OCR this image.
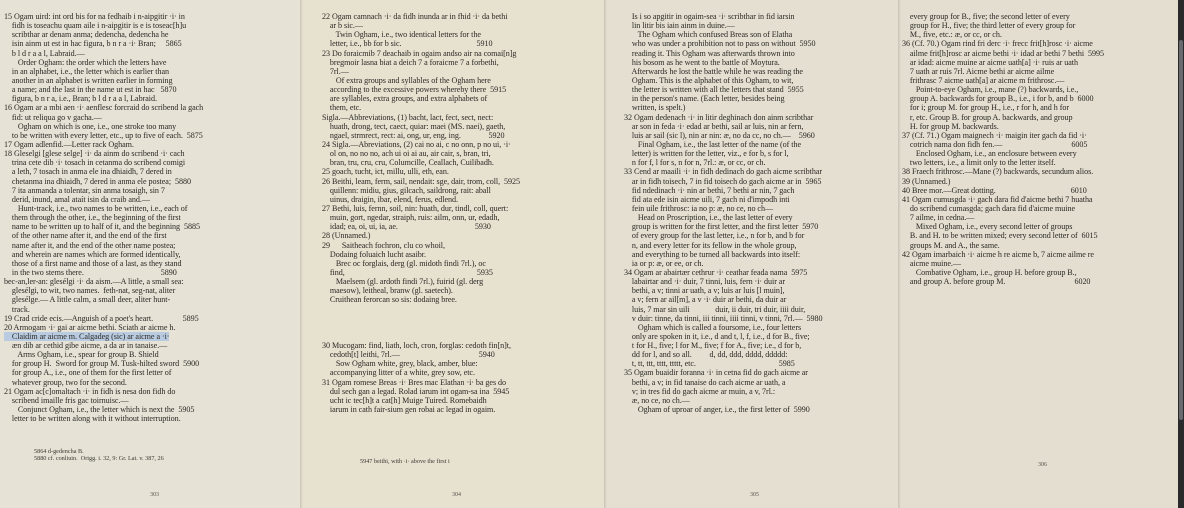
15 Ogam uird: int ord bis for na fedhaib i n-aipgitir ·i· in
fidh is toseachu quam aile i n-aipgitir is e is toseac[h]u
scribthar ar denam anma; dedencha, dedencha he
isin ainm ut est in hac figura, b n r a ·i· Bran;     5865
b l d r a a l, Labraid.—
Order Ogham: the order which the letters have
in an alphabet, i.e., the letter which is earlier than
another in an alphabet is written earlier in forming
a name; and the last in the name ut est in hac   5870
figura, b n r a, i.e., Bran; b l d r a a l, Labraid.
16 Ogam ar a mbi aen ·i· aenflesc forcraid do scribend la gach
fid: ut reliqua go v gacha.—
Ogham on which is one, i.e., one stroke too many
to be written with every letter, etc., up to five of each.  5875
17 Ogam adlenfid.—Letter rack Ogham.
18 Gleselgi [glese selge] ·i· da ainm do scribend ·i· cach
trina cete dib ·i· tosach in cetanma do scribend comigi
a leth, 7 tosach in anma ele ina dhiaidh, 7 dered in
chetanma ina dhiaidh, 7 dered in anma ele postea;  5880
7 ita anmanda a tolentar, sin anma tosaigh, sin 7
derid, inund, amal ataít isin da craib and.—
Hunt-track, i.e., two names to be written, i.e., each of
them through the other, i.e., the beginning of the first
name to be written up to half of it, and the beginning  5885
of the other name after it, and the end of the first
name after it, and the end of the other name postea;
and wherein are names which are formed identically,
those of a first name and those of a last, as they stand
in the two stems there.                                       5890
bec-an,ler-an: glesélgi ·i· da aism.—A little, a small sea:
glesélgi, to wit, two names.  feth-nat, seg-nat, aliter
glesélge.— A little calm, a small deer, aliter hunt-
track.
19 Crad cride ecis.—Anguish of a poet's heart.               5895
20 Armogam ·i· gai ar aicme bethi. Sciath ar aicme h.
Claidim ar aicme m. Calgadeg (sic) ar aicme a ·i·
æn dib ar cethid gibe aicme, a da ar in tanaise.—
Arms Ogham, i.e., spear for group B. Shield
for group H.  Sword for group M. Tusk-hilted sword  5900
for group A., i.e., one of them for the first letter of
whatever group, two for the second.
21 Ogam ac[c]omaltach ·i· in fidh is nesa don fidh do
scribend imaille fris gac toirnuisc.—
Conjunct Ogham, i.e., the letter which is next the  5905
letter to be written along with it without interruption.
5864 d-gedencha B.
5880 cf. conliuin.  Origg. i. 32, 9: Gr. Lat. v. 387, 26
303
22 Ogam camnach ·i· da fidh inunda ar in fhid ·i· da bethi
ar b sic.—
Twin Ogham, i.e., two identical letters for the
letter, i.e., bb for b sic.                                      5910
23 Do foraicmib 7 deachaib in ogaim andso air na comai[n]g
bregmoir lasna biat a deich 7 a foraicme 7 a forbethi,
7rl.—
Of extra groups and syllables of the Ogham here
according to the excessive powers whereby there  5915
are syllables, extra groups, and extra alphabets of
them, etc.
Sigla.—Abbreviations, (1) bacht, lact, fect, sect, nect:
huath, drong, tect, caect, quiar: maei (MS. naei), gaeth,
ngael, strmrect, rect: ai, ong, ur, eng, ing.              5920
24 Sigla.—Abreviations, (2) cai no ai, c no onn, p no ui, ·i·
ol on, no no no, ach ui oi ai au, air cair, s, bran, tri,
bran, tru, cru, cru, Columcille, Ceallach, Cuilibadh.
25 goach, tucht, ict, millu, ulli, eth, ean.
26 Beithi, leam, ferm, sail, nendait: sge, dair, trom, coll,  5925
quillenn: midiu, gius, gilcach, saildrong, rait: aball
uinus, draigin, ibar, elend, ferus, edlend.
27 Bethi, luis, fernn, soil, nin: huath, dur, tindl, coll, quert:
muin, gort, ngedar, straiph, ruis: ailm, onn, ur, edadh,
idad; ea, oi, ui, ia, ae.                                       5930
28 (Unnamed.)
29      Saitheach fochron, clu co whoil,
Dodaing foluaich lucht asaibr.
Brec oc forglais, derg (gl. midoth findi 7rl.), oc
find,                                                                   5935
Maelsem (gl. ardoth findi 7rl.), fuirid (gl. derg
maesow), leitheal, branw (gl. saetech).
Cruithean ferorcan so sis: dodaing bree.
30 Mucogam: find, liath, loch, cron, forglas: cedoth fin[n]t,
cedoth[t] leithi, 7rl.—                                        5940
Sow Ogham white, grey, black, amber, blue:
accompanying litter of a white, grey sow, etc.
31 Ogam romese Breas ·i· Bres mac Elathan ·i· ba ges do
dul sech gan a legad. Rolad iarum int ogam-sa ina  5945
ucht ic tec[h]t a cat[h] Muige Tuired. Romebaidh
iarum in cath fair-sium gen robai ac legad in ogaim.
5947 beithi, with ·i· above the first i
304
Is i so apgitir in ogaim-sea ·i· scribthar in fid iarsin
lin litir bis iain ainm in duine.—
The Ogham which confused Breas son of Elatha
who was under a prohibition not to pass on without  5950
reading it. This Ogham was afterwards thrown into
his bosom as he went to the battle of Moytura.
Afterwards he lost the battle while he was reading the
Ogham. This is the alphabet of this Ogham, to wit,
the letter is written with all the letters that stand  5955
in the person's name. (Each letter, besides being
written, is spelt.)
32 Ogam dedenach ·i· in litir deghinach don ainm scribthar
ar son in feda ·i· edad ar bethi, sail ar luis, nin ar fern,
luis ar sail (sic l), nin ar nin: æ, no da cc, no ch.—    5960
Final Ogham, i.e., the last letter of the name (of the
letter) is written for the letter, viz., e for b, s for l,
n for f, l for s, n for n, 7rl.: æ, or cc, or ch.
33 Cend ar maaili ·i· in fidh dedinach do gach aicme scribthar
ar in fidh toisech, 7 in fid toisech do gach aicme ar in  5965
fid ndedinach ·i· nin ar bethi, 7 bethi ar nin, 7 gach
fid ata ede isin aicme uili, 7 gach ni d'impodh inti
fein uile frithrosc: ia no p: æ, no ce, no ch—
Head on Proscription, i.e., the last letter of every
group is written for the first letter, and the first letter  5970
of every group for the last letter, i.e., n for b, and b for
n, and every letter for its fellow in the whole group,
and everything to be turned all backwards into itself:
ia or p: æ, or ee, or ch.
34 Ogam ar abairtær cethrur ·i· ceathar feada nama  5975
labairtar and ·i· duir, 7 tinni, luis, fern ·i· duir ar
bethi, a v; tinni ar uath, a v; luis ar luis [l muin],
a v; fern ar ail[m], a v ·i· duir ar bethi, da duir ar
luis, 7 mar sin uili             duir, ii duir, tri duir, iiii duir,
v duir: tinne, da tinni, iii tinni, iiii tinni, v tinni, 7rl.—  5980
Ogham which is called a foursome, i.e., four letters
only are spoken in it, i.e., d and t, l, f, i.e., d for B., five;
t for H., five; l for M., five; f for A., five; i.e., d for b,
dd for l, and so all.         d, dd, ddd, dddd, ddddd:
t, tt, ttt, tttt, ttttt, etc.                                          5985
35 Ogam buaidir foranna ·i· in cetna fid do gach aicme ar
bethi, a v; in fid tanaise do cach aicme ar uath, a
v; in tres fid do gach aicme ar muin, a v, 7rl.:
æ, no ce, no ch.—
Ogham of uproar of anger, i.e., the first letter of  5990
305
every group for B., five; the second letter of every
group for H., five; the third letter of every group for
M., five, etc.: æ, or cc, or ch.
36 (Cf. 70.) Ogam rind fri derc ·i· frecc frit[h]rosc ·i· aicme
ailme frit[h]rosc ar aicme bethi ·i· idad ar bethi 7 bethi  5995
ar idad: aicme muine ar aicme uath[a] ·i· ruis ar uath
7 uath ar ruis 7rl. Aicme bethi ar aicme ailme
frithrasc 7 aicme uath[a] ar aicme m frithrosc.—
Point-to-eye Ogham, i.e., mane (?) backwards, i.e.,
group A. backwards for group B., i.e., i for b, and b  6000
for i; group M. for group H., i.e., r for h, and h for
r, etc. Group B. for group A. backwards, and group
H. for group M. backwards.
37 (Cf. 71.) Ogam maignech ·i· maigin iter gach da fid ·i·
cotrich nama don fidh fen.—                                   6005
Enclosed Ogham, i.e., an enclosure between every
two letters, i.e., a limit only to the letter itself.
38 Fraech frithrosc.—Mane (?) backwards, secundum alios.
39 (Unnamed.)
40 Bree mor.—Great dotting.                                      6010
41 Ogam cumusgda ·i· gach dara fid d'aicme bethi 7 huatha
do scribend cumasgda; gach dara fid d'aicme muine
7 ailme, in cedna.—
Mixed Ogham, i.e., every second letter of groups
B. and H. to be written mixed; every second letter of  6015
groups M. and A., the same.
42 Ogam imarbaich ·i· aicme h re aicme b, 7 aicme ailme re
aicme muine.—
Combative Ogham, i.e., group H. before group B.,
and group A. before group M.                                   6020
306
